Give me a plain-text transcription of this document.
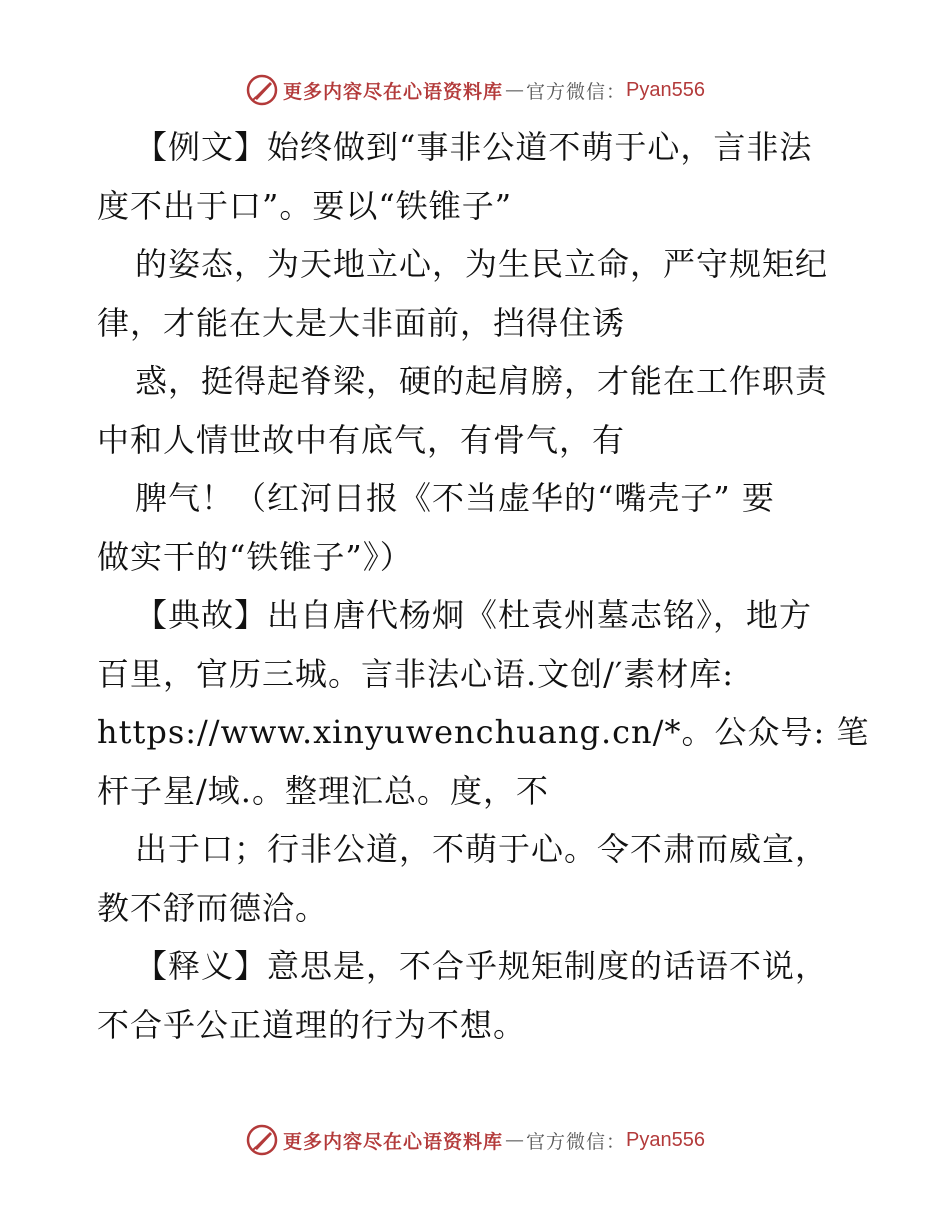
更多内容尽在心语资料库 — 官方微信： Pyan556
【例文】始终做到“事非公道不萌于心，言非法
度不出于口”。要以“铁锥子”
的姿态，为天地立心，为生民立命，严守规矩纪
律，才能在大是大非面前，挡得住诱
惑，挺得起脊梁，硬的起肩膀，才能在工作职责
中和人情世故中有底气，有骨气，有
脾气！（红河日报《不当虚华的“嘴壳子” 要
做实干的“铁锥子”》）
【典故】出自唐代杨炯《杜袁州墓志铭》，地方
百里，官历三城。言非法心语.文创/′素材库:
https://www.xinyuwenchuang.cn/*。公众号: 笔
杆子星/域.。整理汇总。度，不
出于口；行非公道，不萌于心。令不肃而威宣，
教不舒而德洽。
【释义】意思是，不合乎规矩制度的话语不说，
不合乎公正道理的行为不想。
更多内容尽在心语资料库 — 官方微信： Pyan556
